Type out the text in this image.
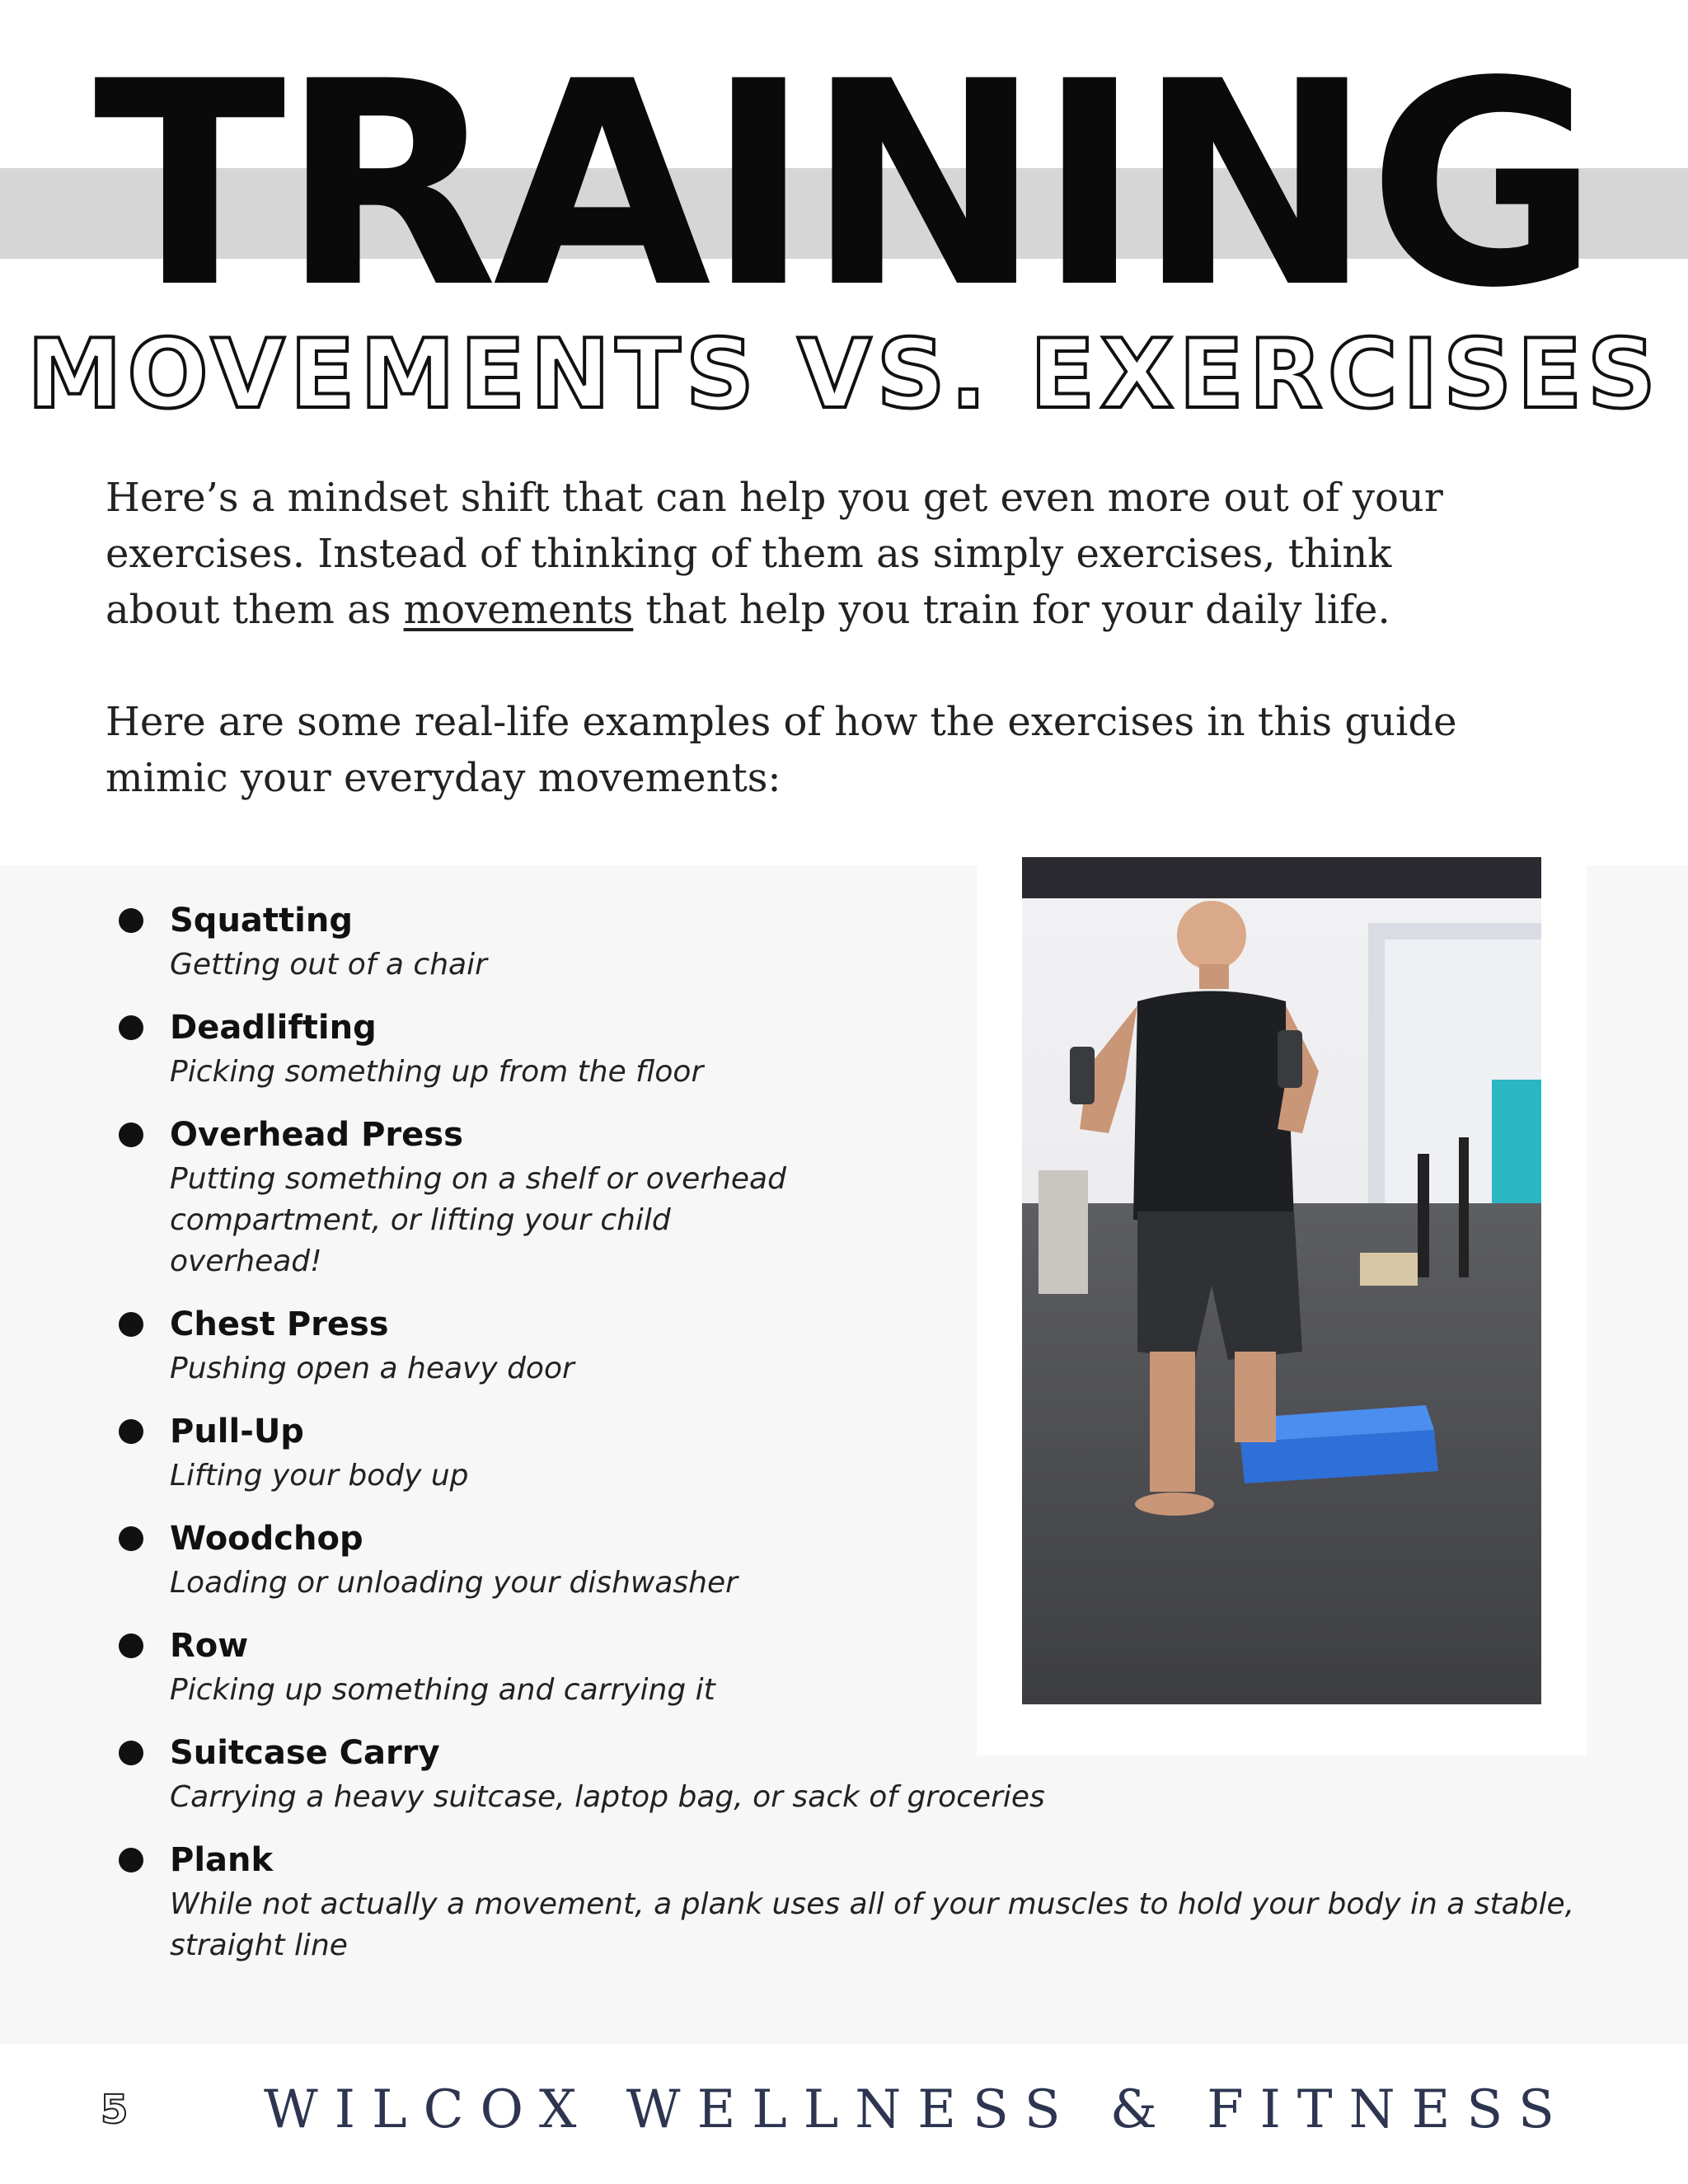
TRAINING
MOVEMENTS VS. EXERCISES

Here’s a mindset shift that can help you get even more out of your exercises. Instead of thinking of them as simply exercises, think about them as movements that help you train for your daily life.

Here are some real-life examples of how the exercises in this guide mimic your everyday movements:

Squatting
Getting out of a chair
Deadlifting
Picking something up from the floor
Overhead Press
Putting something on a shelf or overhead compartment, or lifting your child overhead!
Chest Press
Pushing open a heavy door
Pull-Up
Lifting your body up
Woodchop
Loading or unloading your dishwasher
Row
Picking up something and carrying it
Suitcase Carry
Carrying a heavy suitcase, laptop bag, or sack of groceries
Plank
While not actually a movement, a plank uses all of your muscles to hold your body in a stable, straight line
5	WILCOX WELLNESS & FITNESS
